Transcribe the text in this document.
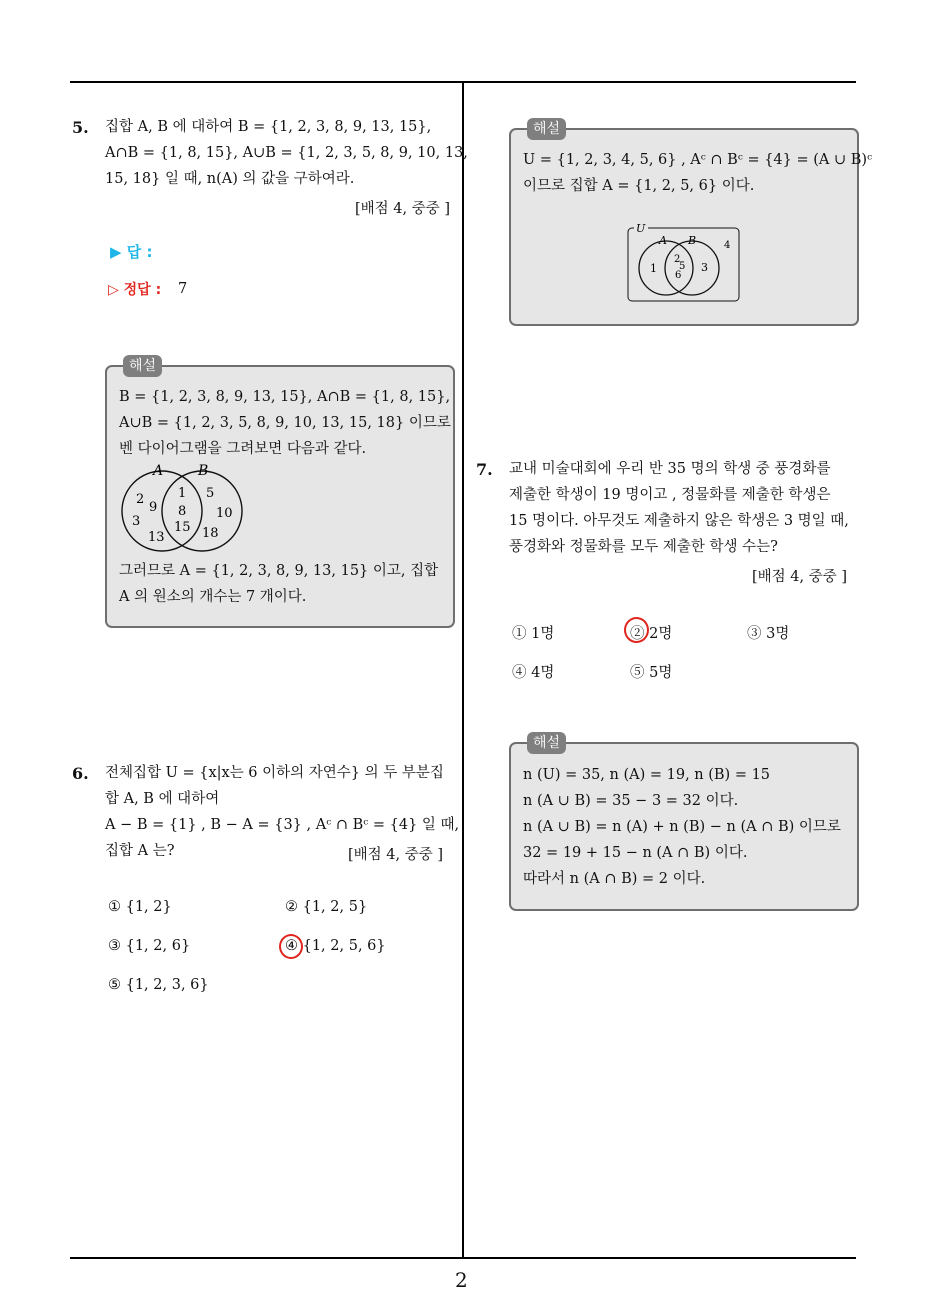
2
5. 집합 A, B 에 대하여 B = {1, 2, 3, 8, 9, 13, 15},
A∩B = {1, 8, 15}, A∪B = {1, 2, 3, 5, 8, 9, 10, 13,
15, 18} 일 때, n(A) 의 값을 구하여라.
[배점 4, 중중 ]
▶ 답 :
▷ 정답 : 7
해설
B = {1, 2, 3, 8, 9, 13, 15}, A∩B = {1, 8, 15},
A∪B = {1, 2, 3, 5, 8, 9, 10, 13, 15, 18} 이므로
벤 다이어그램을 그려보면 다음과 같다.
A B
2
9
3
13
1
8
15
5
10
18
그러므로 A = {1, 2, 3, 8, 9, 13, 15} 이고, 집합
A 의 원소의 개수는 7 개이다.
6. 전체집합 U = {x|x는 6 이하의 자연수} 의 두 부분집
합 A, B 에 대하여
A − B = {1} , B − A = {3} , Aᶜ ∩ Bᶜ = {4} 일 때,
집합 A 는?	[배점 4, 중중 ]
① {1, 2}	② {1, 2, 5}
③ {1, 2, 6}	④ {1, 2, 5, 6}
⑤ {1, 2, 3, 6}
해설
U = {1, 2, 3, 4, 5, 6} , Aᶜ ∩ Bᶜ = {4} = (A ∪ B)ᶜ
이므로 집합 A = {1, 2, 5, 6} 이다.
U
A B
1
2
5
6
3
4
7. 교내 미술대회에 우리 반 35 명의 학생 중 풍경화를
제출한 학생이 19 명이고 , 정물화를 제출한 학생은
15 명이다. 아무것도 제출하지 않은 학생은 3 명일 때,
풍경화와 정물화를 모두 제출한 학생 수는?
[배점 4, 중중 ]
① 1명	② 2명	③ 3명
④ 4명	⑤ 5명
해설
n (U) = 35, n (A) = 19, n (B) = 15
n (A ∪ B) = 35 − 3 = 32 이다.
n (A ∪ B) = n (A) + n (B) − n (A ∩ B) 이므로
32 = 19 + 15 − n (A ∩ B) 이다.
따라서 n (A ∩ B) = 2 이다.
